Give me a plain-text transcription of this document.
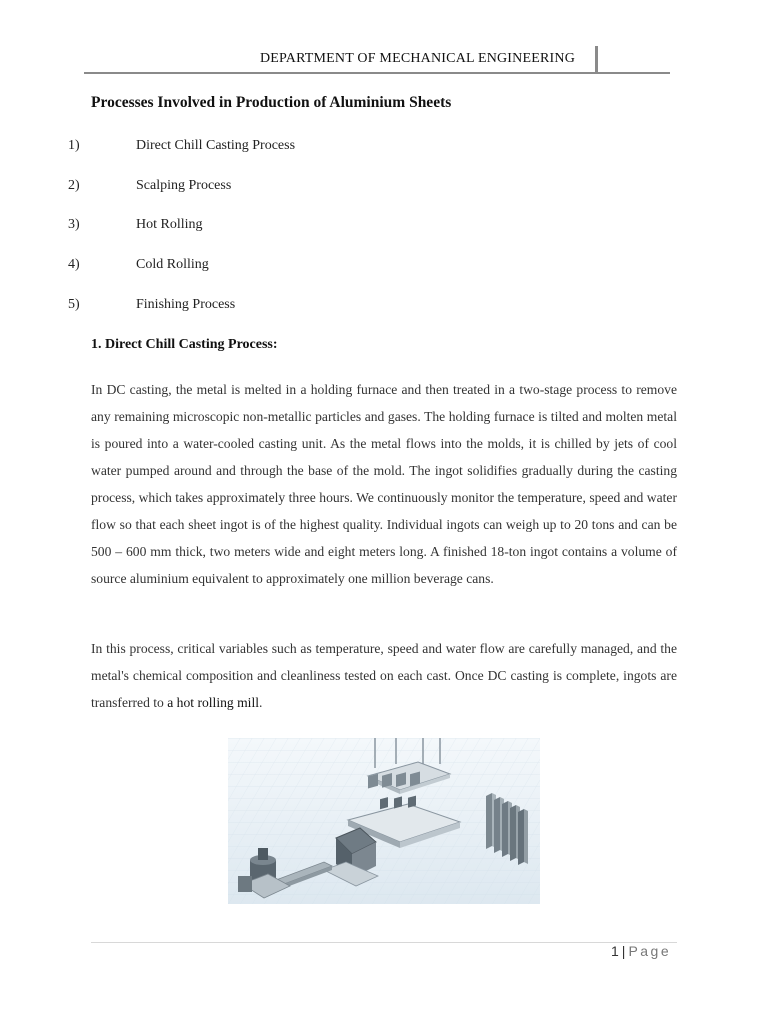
DEPARTMENT OF MECHANICAL ENGINEERING
Processes Involved in Production of Aluminium Sheets
1)	Direct Chill Casting Process
2)	Scalping Process
3)	Hot Rolling
4)	Cold Rolling
5)	Finishing Process
1. Direct Chill Casting Process:

In DC casting, the metal is melted in a holding furnace and then treated in a two-stage process to remove any remaining microscopic non-metallic particles and gases. The holding furnace is tilted and molten metal is poured into a water-cooled casting unit. As the metal flows into the molds, it is chilled by jets of cool water pumped around and through the base of the mold. The ingot solidifies gradually during the casting process, which takes approximately three hours. We continuously monitor the temperature, speed and water flow so that each sheet ingot is of the highest quality. Individual ingots can weigh up to 20 tons and can be 500 – 600 mm thick, two meters wide and eight meters long. A finished 18-ton ingot contains a volume of source aluminium equivalent to approximately one million beverage cans.

In this process, critical variables such as temperature, speed and water flow are carefully managed, and the metal's chemical composition and cleanliness tested on each cast. Once DC casting is complete, ingots are transferred to a hot rolling mill.

1 | Page
